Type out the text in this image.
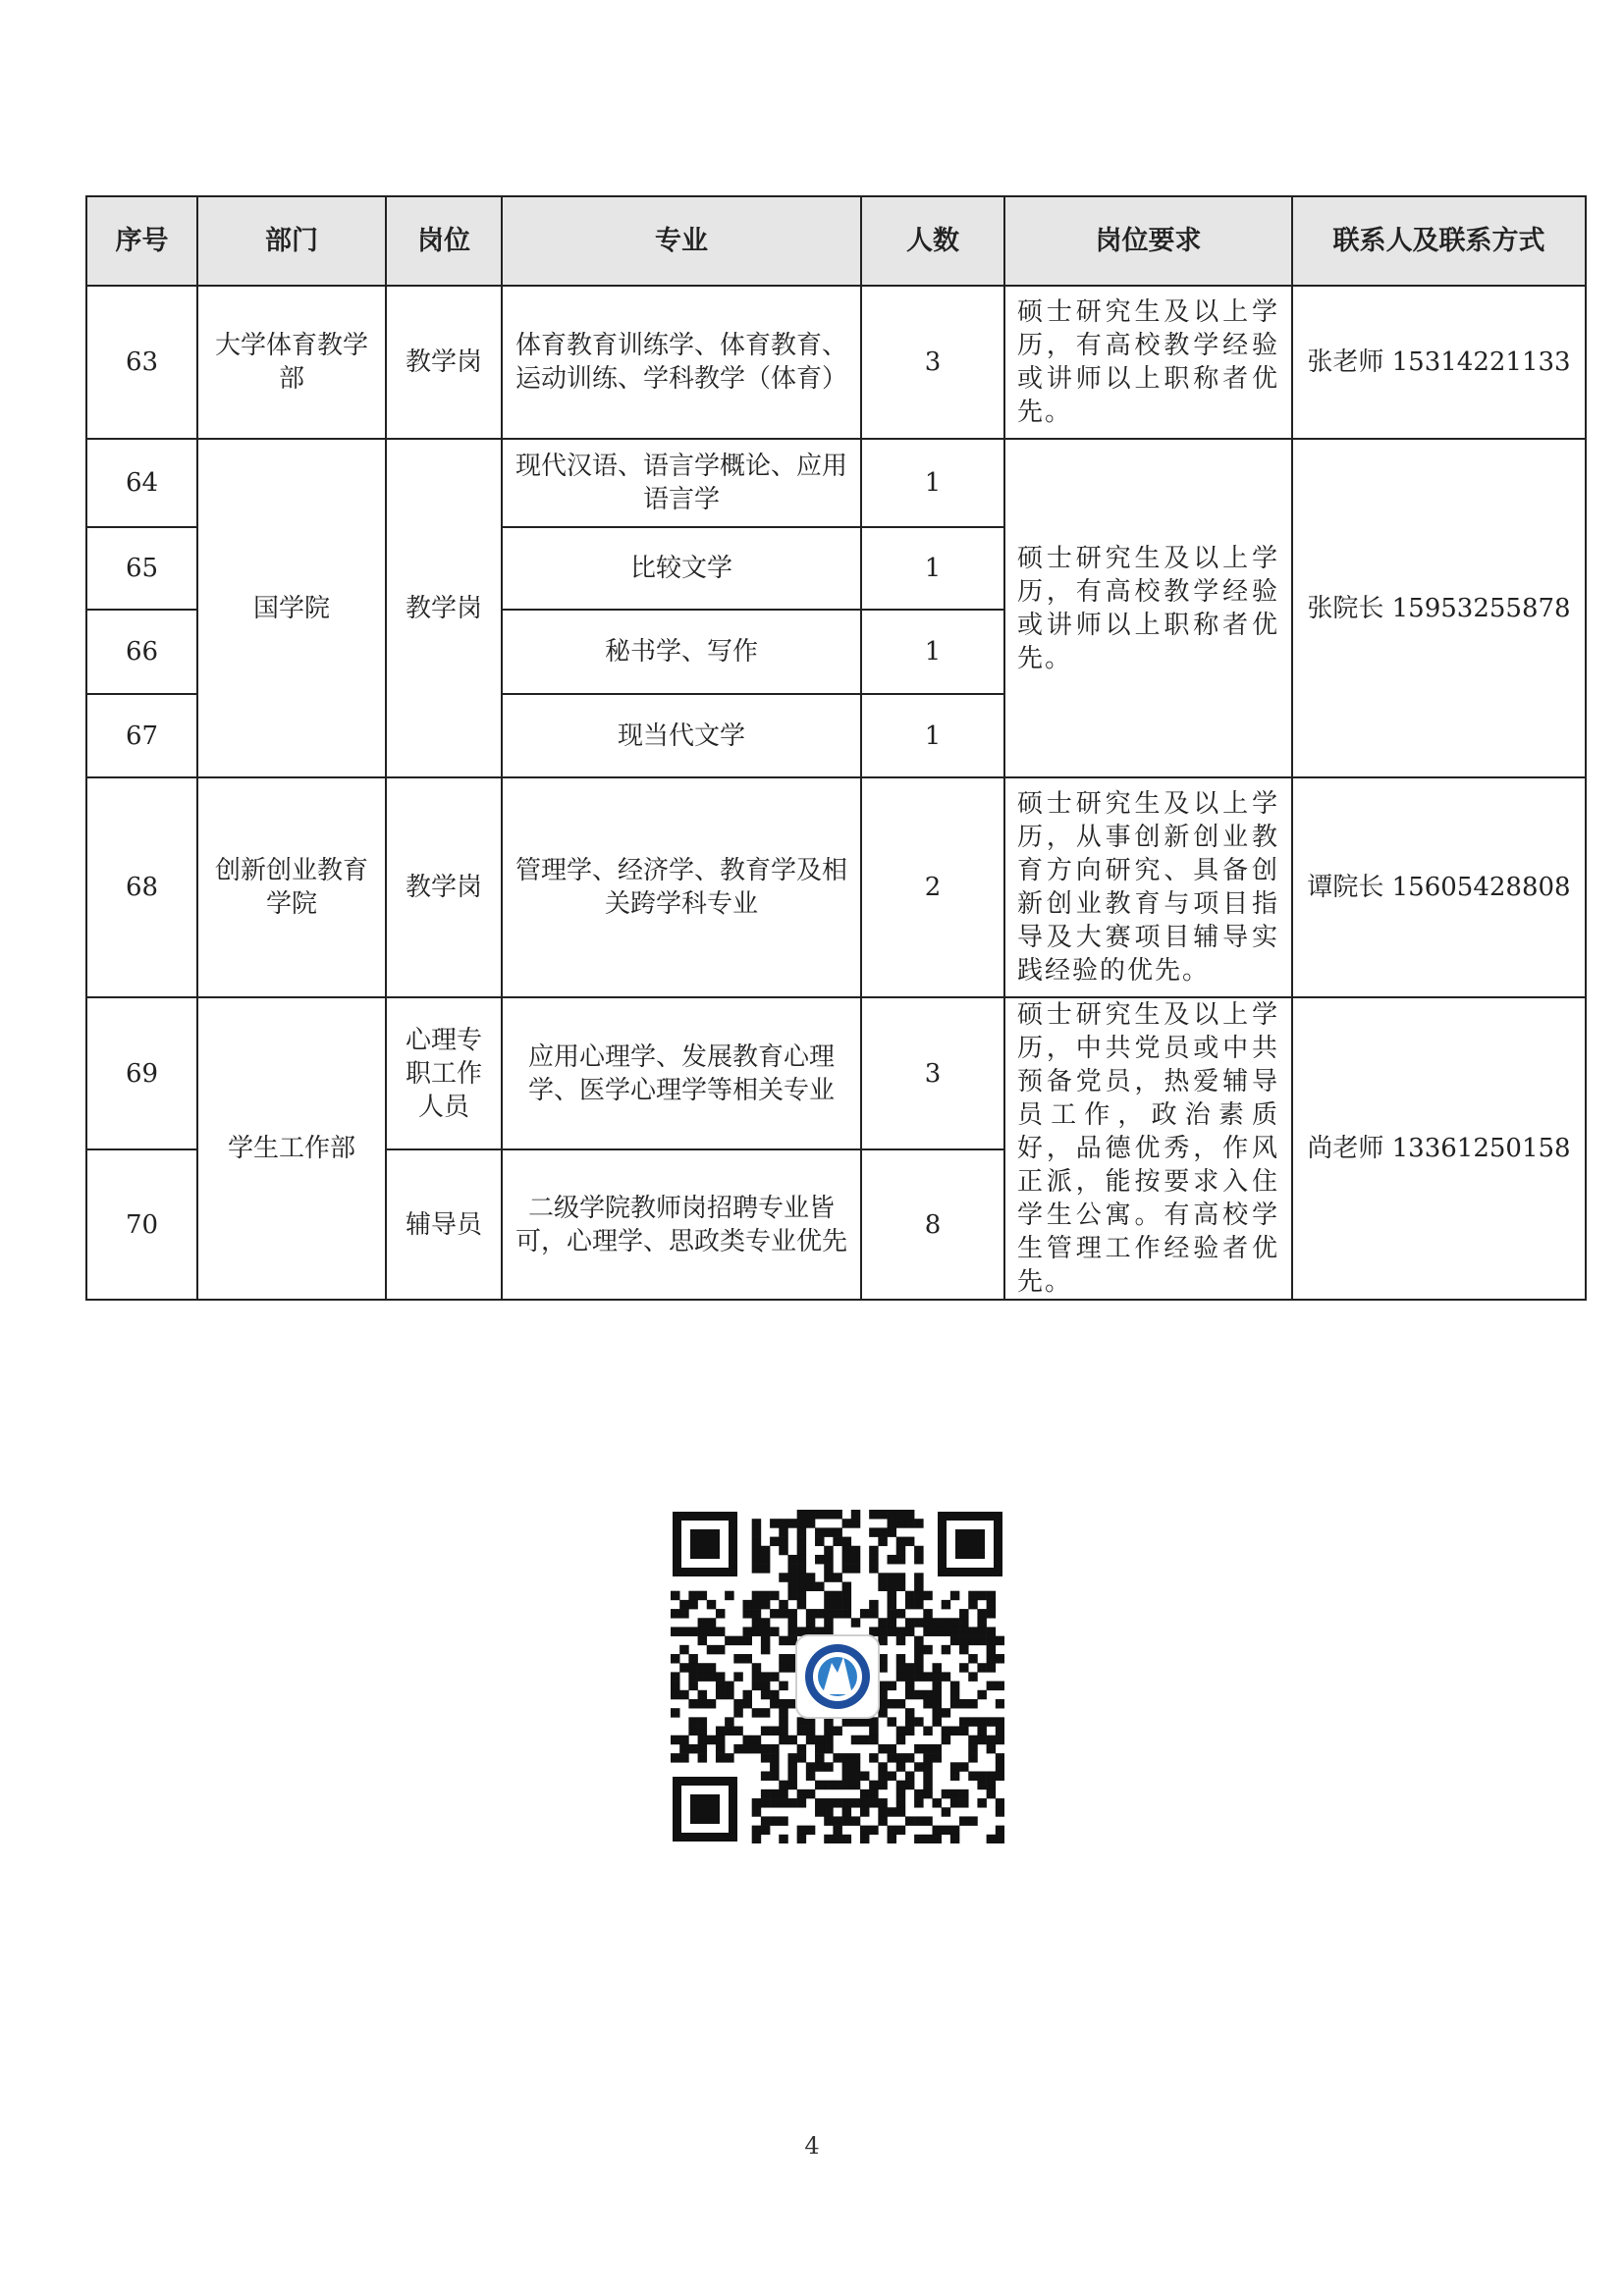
序号	部门	岗位	专业	人数	岗位要求	联系人及联系方式
63	大学体育教学部	教学岗	体育教育训练学、体育教育、运动训练、学科教学（体育）	3	硕士研究生及以上学历，有高校教学经验或讲师以上职称者优先。	张老师 15314221133
64	国学院	教学岗	现代汉语、语言学概论、应用语言学	1	硕士研究生及以上学历，有高校教学经验或讲师以上职称者优先。	张院长 15953255878
65			比较文学	1		
66			秘书学、写作	1		
67			现当代文学	1		
68	创新创业教育学院	教学岗	管理学、经济学、教育学及相关跨学科专业	2	硕士研究生及以上学历，从事创新创业教育方向研究、具备创新创业教育与项目指导及大赛项目辅导实践经验的优先。	谭院长 15605428808
69	学生工作部	心理专职工作人员	应用心理学、发展教育心理学、医学心理学等相关专业	3	硕士研究生及以上学历，中共党员或中共预备党员，热爱辅导员工作，政治素质好，品德优秀，作风正派，能按要求入住学生公寓。有高校学生管理工作经验者优先。	尚老师 13361250158
70		辅导员	二级学院教师岗招聘专业皆可，心理学、思政类专业优先	8		
4
